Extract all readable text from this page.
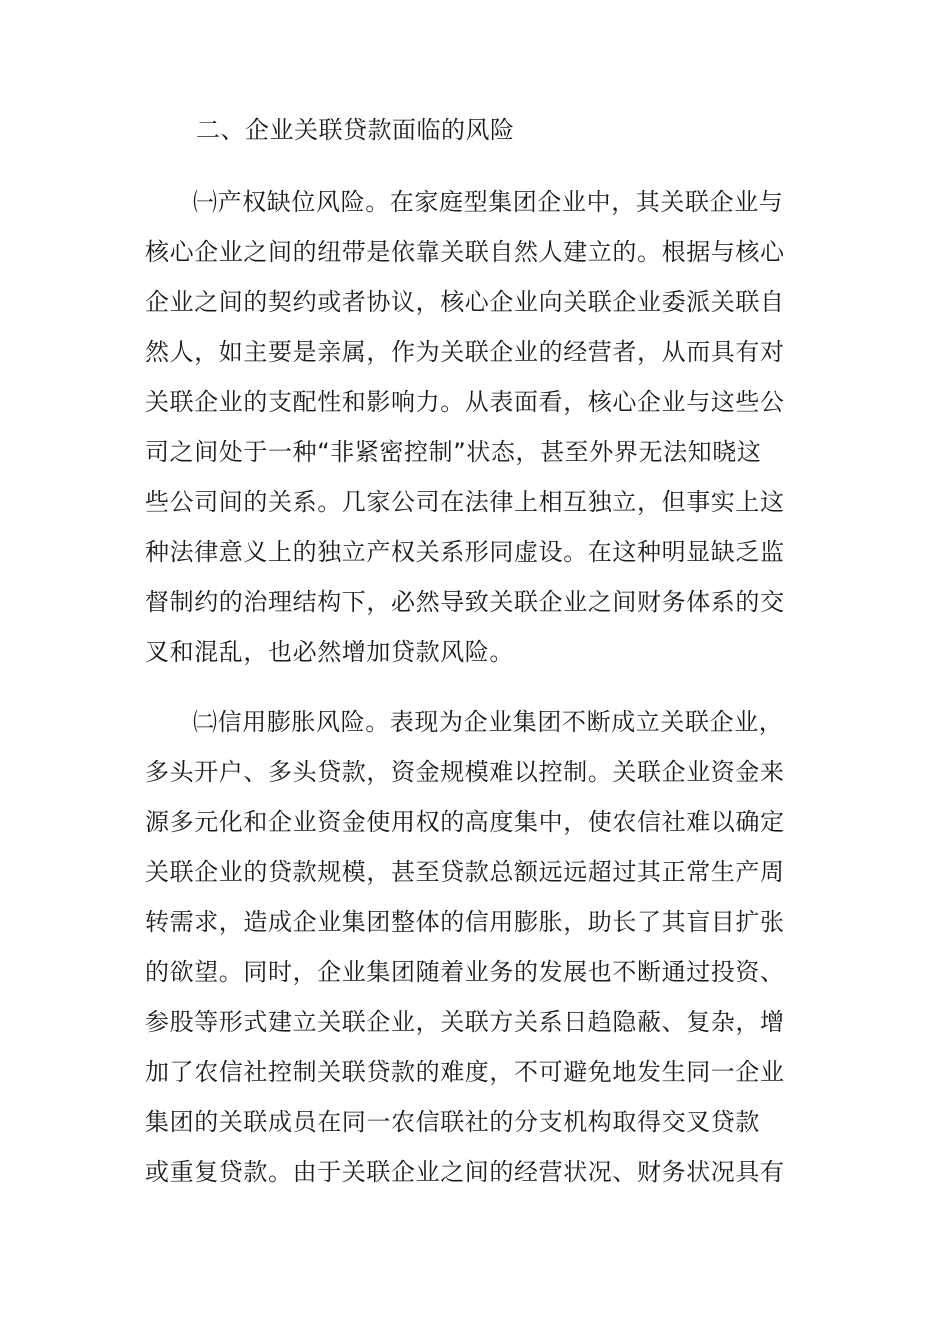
二、企业关联贷款面临的风险
㈠产权缺位风险。在家庭型集团企业中，其关联企业与
核心企业之间的纽带是依靠关联自然人建立的。根据与核心
企业之间的契约或者协议，核心企业向关联企业委派关联自
然人，如主要是亲属，作为关联企业的经营者，从而具有对
关联企业的支配性和影响力。从表面看，核心企业与这些公
司之间处于一种“非紧密控制”状态，甚至外界无法知晓这
些公司间的关系。几家公司在法律上相互独立，但事实上这
种法律意义上的独立产权关系形同虚设。在这种明显缺乏监
督制约的治理结构下，必然导致关联企业之间财务体系的交
叉和混乱，也必然增加贷款风险。
㈡信用膨胀风险。表现为企业集团不断成立关联企业，
多头开户、多头贷款，资金规模难以控制。关联企业资金来
源多元化和企业资金使用权的高度集中，使农信社难以确定
关联企业的贷款规模，甚至贷款总额远远超过其正常生产周
转需求，造成企业集团整体的信用膨胀，助长了其盲目扩张
的欲望。同时，企业集团随着业务的发展也不断通过投资、
参股等形式建立关联企业，关联方关系日趋隐蔽、复杂，增
加了农信社控制关联贷款的难度，不可避免地发生同一企业
集团的关联成员在同一农信联社的分支机构取得交叉贷款
或重复贷款。由于关联企业之间的经营状况、财务状况具有
